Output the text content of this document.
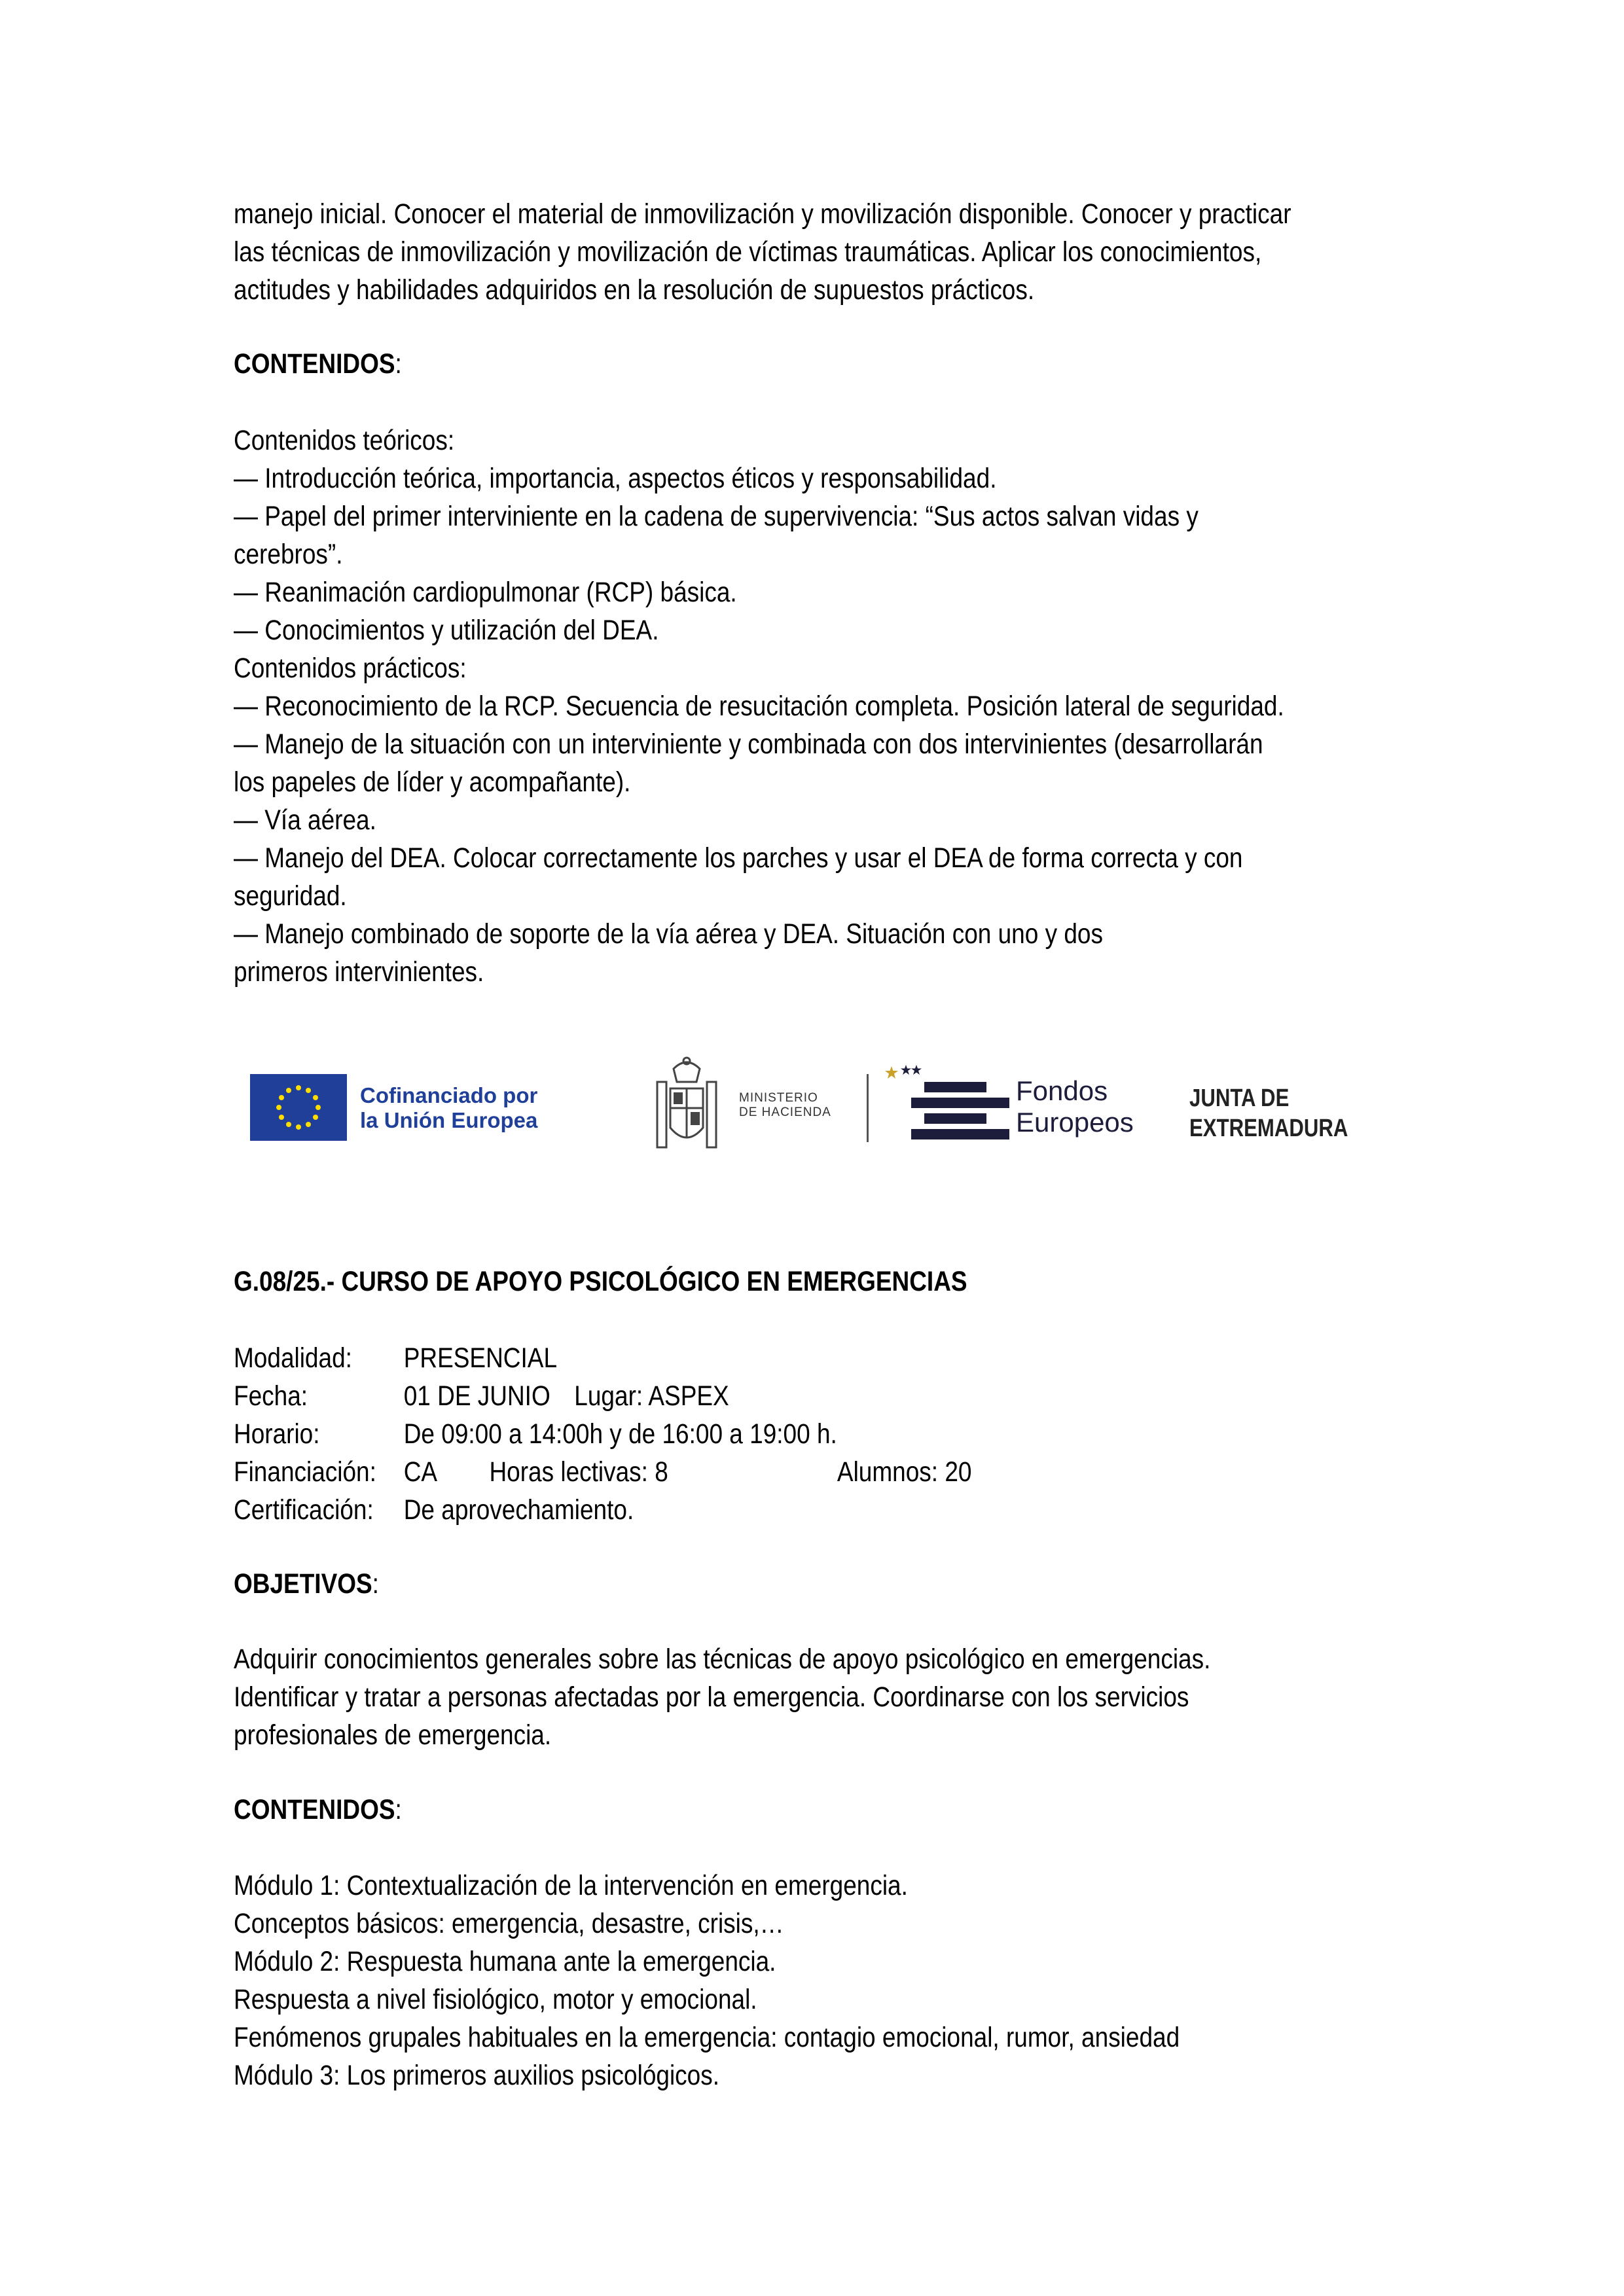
manejo inicial. Conocer el material de inmovilización y movilización disponible. Conocer y practicar
las técnicas de inmovilización y movilización de víctimas traumáticas. Aplicar los conocimientos,
actitudes y habilidades adquiridos en la resolución de supuestos prácticos.
CONTENIDOS:
Contenidos teóricos:
— Introducción teórica, importancia, aspectos éticos y responsabilidad.
— Papel del primer interviniente en la cadena de supervivencia: “Sus actos salvan vidas y
cerebros”.
— Reanimación cardiopulmonar (RCP) básica.
— Conocimientos y utilización del DEA.
Contenidos prácticos:
— Reconocimiento de la RCP. Secuencia de resucitación completa. Posición lateral de seguridad.
— Manejo de la situación con un interviniente y combinada con dos intervinientes (desarrollarán
los papeles de líder y acompañante).
— Vía aérea.
— Manejo del DEA. Colocar correctamente los parches y usar el DEA de forma correcta y con
seguridad.
— Manejo combinado de soporte de la vía aérea y DEA. Situación con uno y dos
primeros intervinientes.
Cofinanciado por
la Unión Europea
MINISTERIO
DE HACIENDA
Fondos
Europeos
JUNTA DE
EXTREMADURA
G.08/25.- CURSO DE APOYO PSICOLÓGICO EN EMERGENCIAS
Modalidad: PRESENCIAL
Fecha:	01 DE JUNIO Lugar: ASPEX
Horario:	De 09:00 a 14:00h y de 16:00 a 19:00 h.
Financiación: CA Horas lectivas: 8	Alumnos: 20
Certificación: De aprovechamiento.
OBJETIVOS:
Adquirir conocimientos generales sobre las técnicas de apoyo psicológico en emergencias.
Identificar y tratar a personas afectadas por la emergencia. Coordinarse con los servicios
profesionales de emergencia.
CONTENIDOS:
Módulo 1: Contextualización de la intervención en emergencia.
Conceptos básicos: emergencia, desastre, crisis,…
Módulo 2: Respuesta humana ante la emergencia.
Respuesta a nivel fisiológico, motor y emocional.
Fenómenos grupales habituales en la emergencia: contagio emocional, rumor, ansiedad
Módulo 3: Los primeros auxilios psicológicos.
